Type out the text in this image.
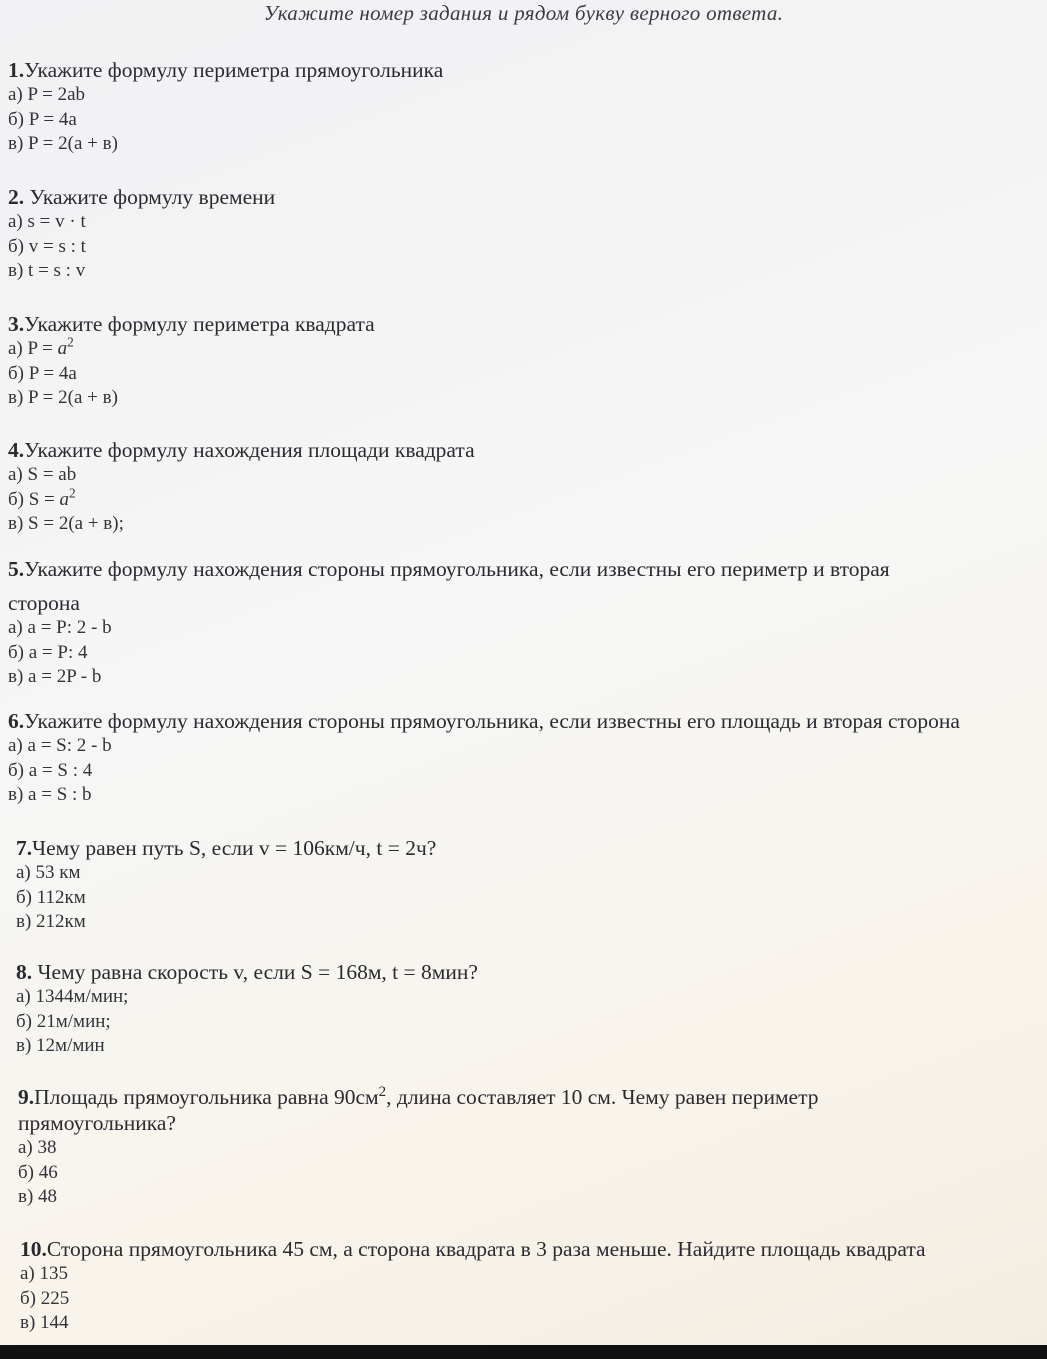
Укажите номер задания и рядом букву верного ответа.

1.Укажите формулу периметра прямоугольника

а) P = 2ab

б) P = 4a

в) P = 2(a + в)

2. Укажите формулу времени

а) s = v · t

б) v = s : t

в) t = s : v

3.Укажите формулу периметра квадрата

а) $P = a^2$

б) P = 4a

в) P = 2(a + в)

4.Укажите формулу нахождения площади квадрата

а) S = ab

б) $S = a^2$

в) S = 2(a + в);

5.Укажите формулу нахождения стороны прямоугольника, если известны его периметр и вторая

сторона

а) a = P: 2 - b

б) a = P: 4

в) a = 2P - b

6.Укажите формулу нахождения стороны прямоугольника, если известны его площадь и вторая сторона

а) a = S: 2 - b

б) a = S : 4

в) a = S : b

7.Чему равен путь S, если v = 106км/ч, t = 2ч?

а) 53 км

б) 112км

в) 212км

8. Чему равна скорость v, если S = 168м, t = 8мин?

а) 1344м/мин;

б) 21м/мин;

в) 12м/мин

9.Площадь прямоугольника равна $90см^2$, длина составляет 10 см. Чему равен периметр

прямоугольника?

а) 38

б) 46

в) 48

10.Сторона прямоугольника 45 см, а сторона квадрата в 3 раза меньше. Найдите площадь квадрата

а) 135

б) 225

в) 144
